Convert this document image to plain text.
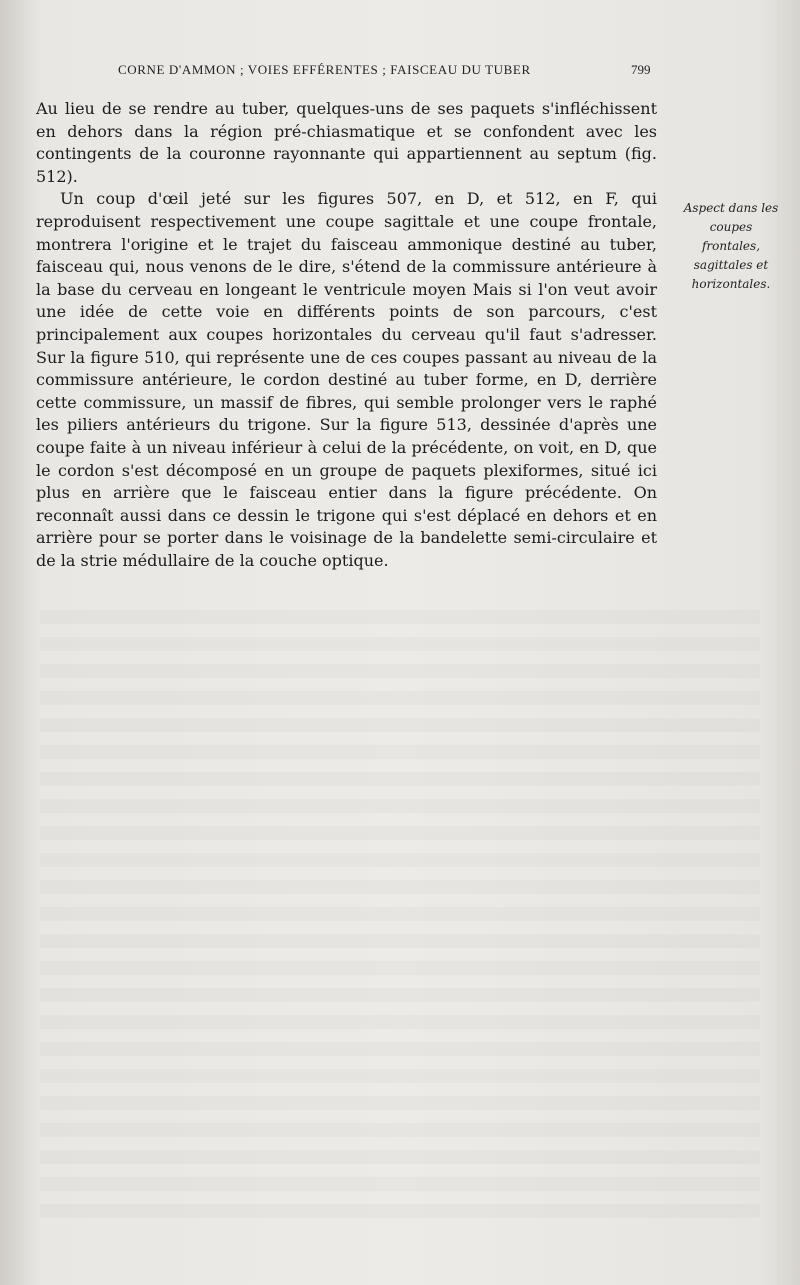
CORNE D'AMMON ; VOIES EFFÉRENTES ; FAISCEAU DU TUBER	799

Au lieu de se rendre au tuber, quelques-uns de ses paquets s'infléchissent en dehors dans la région pré-chiasmatique et se confondent avec les contingents de la couronne rayonnante qui appartiennent au septum (fig. 512).

Un coup d'œil jeté sur les figures 507, en D, et 512, en F, qui reproduisent respectivement une coupe sagittale et une coupe frontale, montrera l'origine et le trajet du faisceau ammonique destiné au tuber, faisceau qui, nous venons de le dire, s'étend de la commissure antérieure à la base du cerveau en longeant le ventricule moyen Mais si l'on veut avoir une idée de cette voie en différents points de son parcours, c'est principalement aux coupes horizontales du cerveau qu'il faut s'adresser. Sur la figure 510, qui représente une de ces coupes passant au niveau de la commissure antérieure, le cordon destiné au tuber forme, en D, derrière cette commissure, un massif de fibres, qui semble prolonger vers le raphé les piliers antérieurs du trigone. Sur la figure 513, dessinée d'après une coupe faite à un niveau inférieur à celui de la précédente, on voit, en D, que le cordon s'est décomposé en un groupe de paquets plexiformes, situé ici plus en arrière que le faisceau entier dans la figure précédente. On reconnaît aussi dans ce dessin le trigone qui s'est déplacé en dehors et en arrière pour se porter dans le voisinage de la bandelette semi-circulaire et de la strie médullaire de la couche optique.

Aspect dans les coupes frontales, sagittales et horizontales.
